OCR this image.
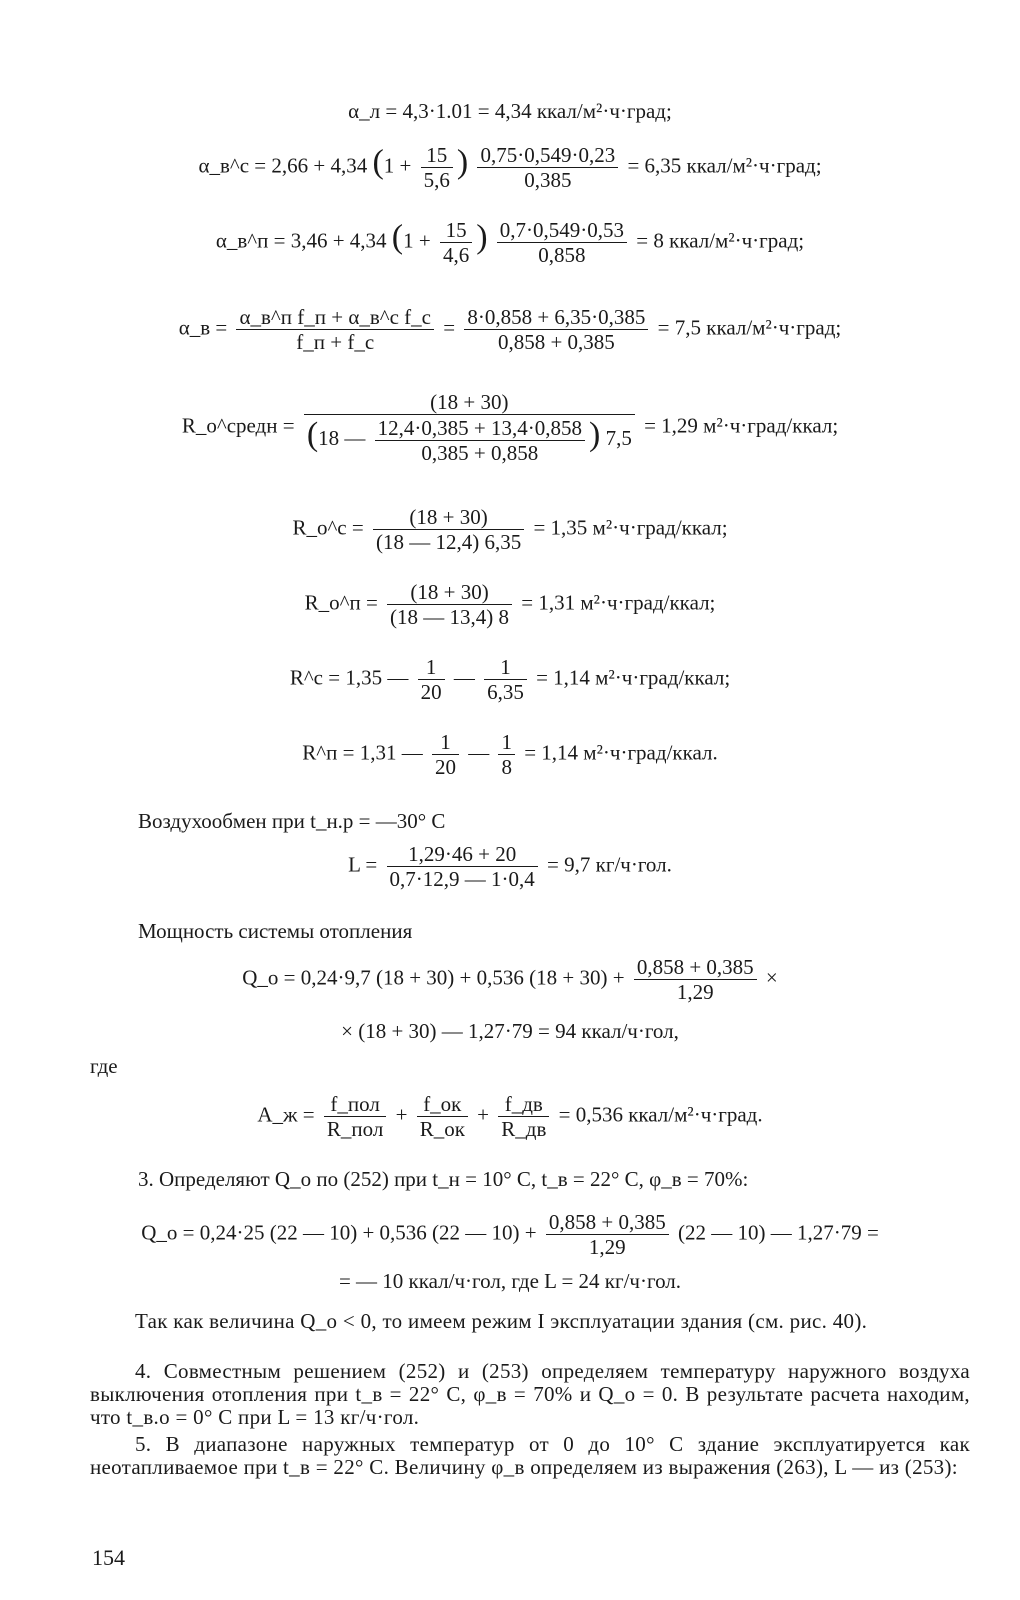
α_л = 4,3·1.01 = 4,34 ккал/м²·ч·град;
α_в^с = 2,66 + 4,34 ($1 + \frac{15}{5,6}$ ) $\frac{0,75\cdot 0,549\cdot 0,23}{0,385} = 6,35$ ккал/м²·ч·град;
α_в^п = 3,46 + 4,34 ($1 + \frac{15}{4,6}$ ) $\frac{0,7\cdot 0,549\cdot 0,53}{0,858} = 8$ ккал/м²·ч·град;
α_в = $\frac{\text{α\_в\textasciicircum{}п f\_п + α\_в\textasciicircum{}с f\_с}}{f\_п + f\_с} = \frac{8\cdot 0,858 + 6,35\cdot 0,385}{0,858 + 0,385} = 7,5$ ккал/м²·ч·град;
R_о^средн = $\frac{(18 + 30)}{(18 — \frac{12,4\cdot 0,385 + 13,4\cdot 0,858}{0,385 + 0,858} ) 7,5} = 1,29$ м²·ч·град/ккал;
R_о^с = $\frac{(18 + 30)}{(18 — 12,4) 6,35} = 1,35$ м²·ч·град/ккал;
R_о^п = $\frac{(18 + 30)}{(18 — 13,4) 8} = 1,31$ м²·ч·град/ккал;
R^с = 1,35 — $\frac{1}{20}$ — $\frac{1}{6,35} = 1,14$ м²·ч·град/ккал;
R^п = 1,31 — $\frac{1}{20}$ — $\frac{1}{8} = 1,14$ м²·ч·град/ккал.
Воздухообмен при t_н.р = —30° С
$L = \frac{1,29\cdot 46 + 20}{0,7\cdot 12,9 — 1\cdot 0,4} = 9,7$ кг/ч·гол.
Мощность системы отопления
Q_о = 0,24·9,7 (18 + 30) + 0,536 $(18 + 30) + \frac{0,858 + 0,385}{1,29}$ ×
× (18 + 30) — 1,27·79 = 94 ккал/ч·гол,
где
A_ж = $\frac{\text{f\_пол}}{\text{R\_пол}} + \frac{f\_ок}{R\_ок} + \frac{f\_дв}{R\_дв} = 0,536$ ккал/м²·ч·град.
3. Определяют Q_о по (252) при t_н = 10° С, t_в = 22° С, φ_в = 70%:
Q_о = 0,24·25 (22 — 10) + 0,536 (22 — $10) + \frac{0,858 + 0,385}{1,29} (22$ — 10) — 1,27·79 =
= — 10 ккал/ч·гол, где L = 24 кг/ч·гол.
Так как величина Q_о < 0, то имеем режим I эксплуатации здания (см. рис. 40).
4. Совместным решением (252) и (253) определяем температуру наружного воздуха выключения отопления при t_в = 22° С, φ_в = 70% и Q_о = 0. В результате расчета находим, что t_в.о = 0° С при L = 13 кг/ч·гол.
5. В диапазоне наружных температур от 0 до 10° С здание эксплуатируется как неотапливаемое при t_в = 22° С. Величину φ_в определяем из выражения (263), L — из (253):
154
